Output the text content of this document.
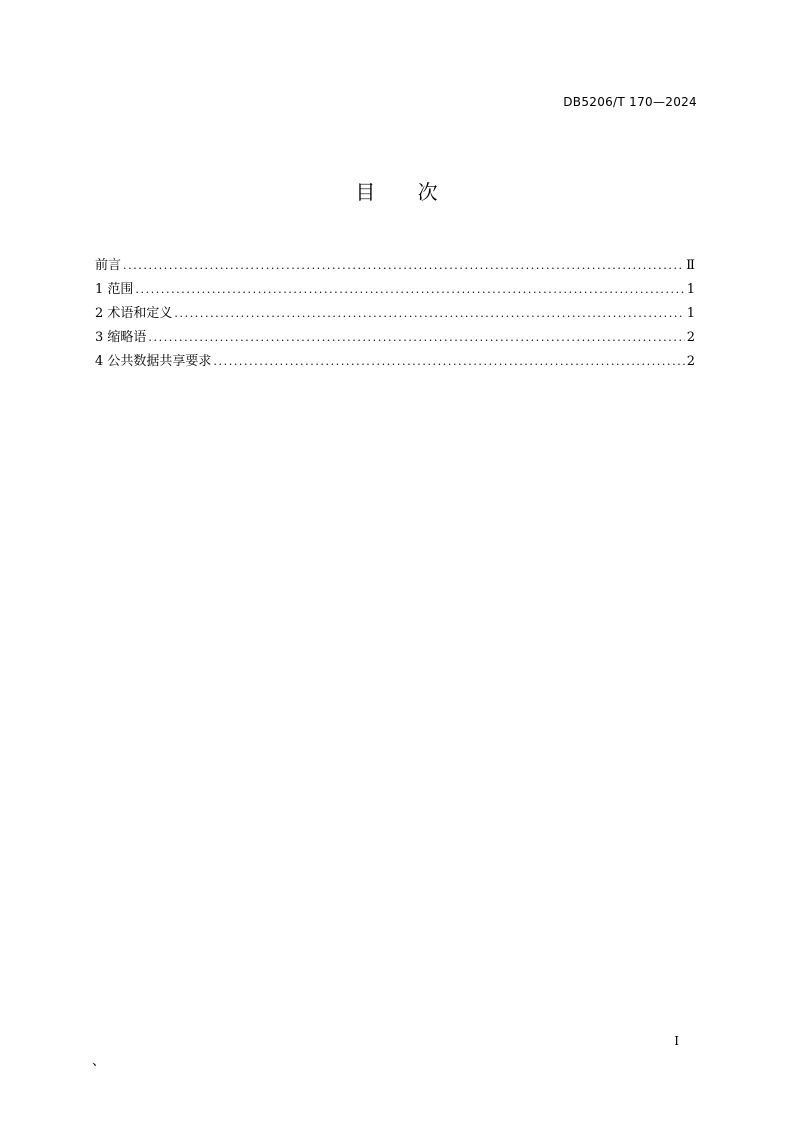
DB5206/T 170—2024
目 次
前言 .....	Ⅱ
1 范围 .....	1
2 术语和定义 .....	1
3 缩略语 .....	2
4 公共数据共享要求 .....	2
I
、
